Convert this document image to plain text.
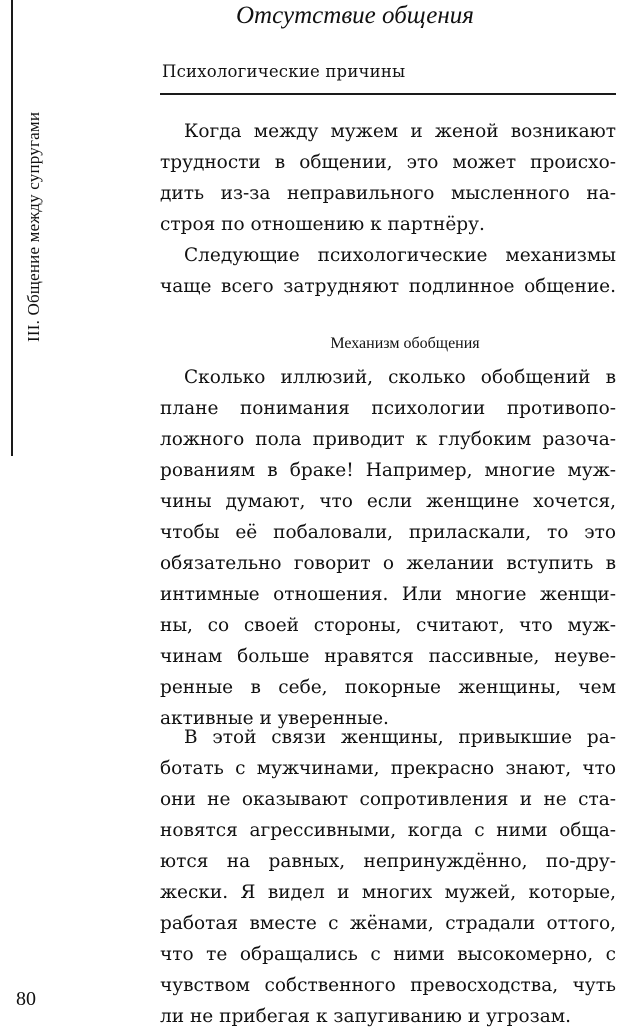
III. Общение между супругами
Отсутствие общения
Психологические причины
Когда между мужем и женой возникают
трудности в общении, это может происхо-
дить из-за неправильного мысленного на-
строя по отношению к партнёру.
Следующие психологические механизмы
чаще всего затрудняют подлинное общение.
Механизм обобщения
Сколько иллюзий, сколько обобщений в
плане понимания психологии противопо-
ложного пола приводит к глубоким разоча-
рованиям в браке! Например, многие муж-
чины думают, что если женщине хочется,
чтобы её побаловали, приласкали, то это
обязательно говорит о желании вступить в
интимные отношения. Или многие женщи-
ны, со своей стороны, считают, что муж-
чинам больше нравятся пассивные, неуве-
ренные в себе, покорные женщины, чем
активные и уверенные.
В этой связи женщины, привыкшие ра-
ботать с мужчинами, прекрасно знают, что
они не оказывают сопротивления и не ста-
новятся агрессивными, когда с ними обща-
ются на равных, непринуждённо, по-дру-
жески. Я видел и многих мужей, которые,
работая вместе с жёнами, страдали оттого,
что те обращались с ними высокомерно, с
чувством собственного превосходства, чуть
ли не прибегая к запугиванию и угрозам.
80
